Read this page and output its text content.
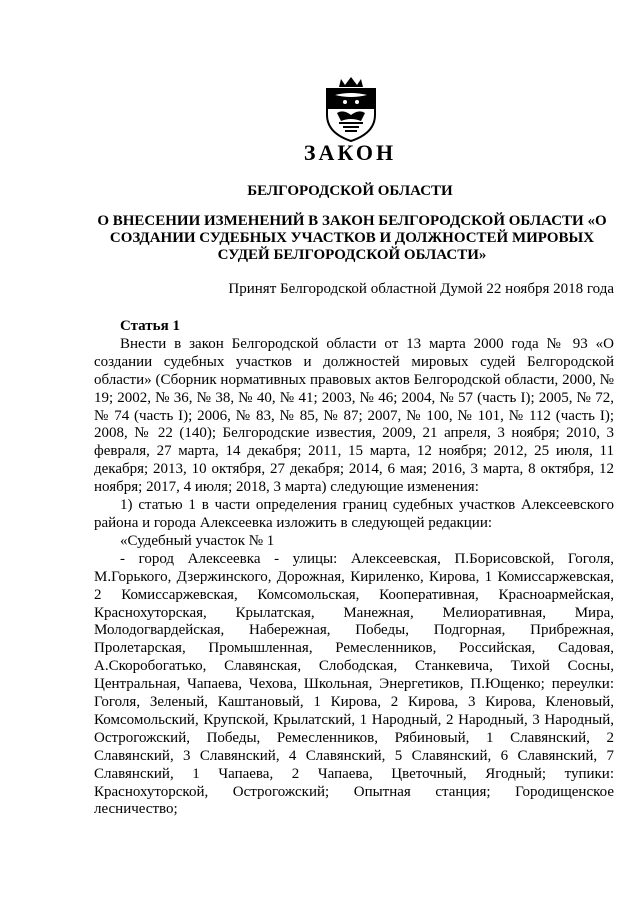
ЗАКОН
БЕЛГОРОДСКОЙ ОБЛАСТИ
О ВНЕСЕНИИ ИЗМЕНЕНИЙ В ЗАКОН БЕЛГОРОДСКОЙ ОБЛАСТИ «О СОЗДАНИИ СУДЕБНЫХ УЧАСТКОВ И ДОЛЖНОСТЕЙ МИРОВЫХ СУДЕЙ БЕЛГОРОДСКОЙ ОБЛАСТИ»
Принят Белгородской областной Думой 22 ноября 2018 года

Статья 1

Внести в закон Белгородской области от 13 марта 2000 года № 93 «О создании судебных участков и должностей мировых судей Белгородской области» (Сборник нормативных правовых актов Белгородской области, 2000, № 19; 2002, № 36, № 38, № 40, № 41; 2003, № 46; 2004, № 57 (часть I); 2005, № 72, № 74 (часть I); 2006, № 83, № 85, № 87; 2007, № 100, № 101, № 112 (часть I); 2008, № 22 (140); Белгородские известия, 2009, 21 апреля, 3 ноября; 2010, 3 февраля, 27 марта, 14 декабря; 2011, 15 марта, 12 ноября; 2012, 25 июля, 11 декабря; 2013, 10 октября, 27 декабря; 2014, 6 мая; 2016, 3 марта, 8 октября, 12 ноября; 2017, 4 июля; 2018, 3 марта) следующие изменения:

1) статью 1 в части определения границ судебных участков Алексеевского района и города Алексеевка изложить в следующей редакции:

«Судебный участок № 1

- город Алексеевка - улицы: Алексеевская, П.Борисовской, Гоголя, М.Горького, Дзержинского, Дорожная, Кириленко, Кирова, 1 Комиссаржевская, 2 Комиссаржевская, Комсомольская, Кооперативная, Красноармейская, Краснохуторская, Крылатская, Манежная, Мелиоративная, Мира, Молодогвардейская, Набережная, Победы, Подгорная, Прибрежная, Пролетарская, Промышленная, Ремесленников, Российская, Садовая, А.Скоробогатько, Славянская, Слободская, Станкевича, Тихой Сосны, Центральная, Чапаева, Чехова, Школьная, Энергетиков, П.Ющенко; переулки: Гоголя, Зеленый, Каштановый, 1 Кирова, 2 Кирова, 3 Кирова, Кленовый, Комсомольский, Крупской, Крылатский, 1 Народный, 2 Народный, 3 Народный, Острогожский, Победы, Ремесленников, Рябиновый, 1 Славянский, 2 Славянский, 3 Славянский, 4 Славянский, 5 Славянский, 6 Славянский, 7 Славянский, 1 Чапаева, 2 Чапаева, Цветочный, Ягодный; тупики: Краснохуторской, Острогожский; Опытная станция; Городищенское лесничество;
